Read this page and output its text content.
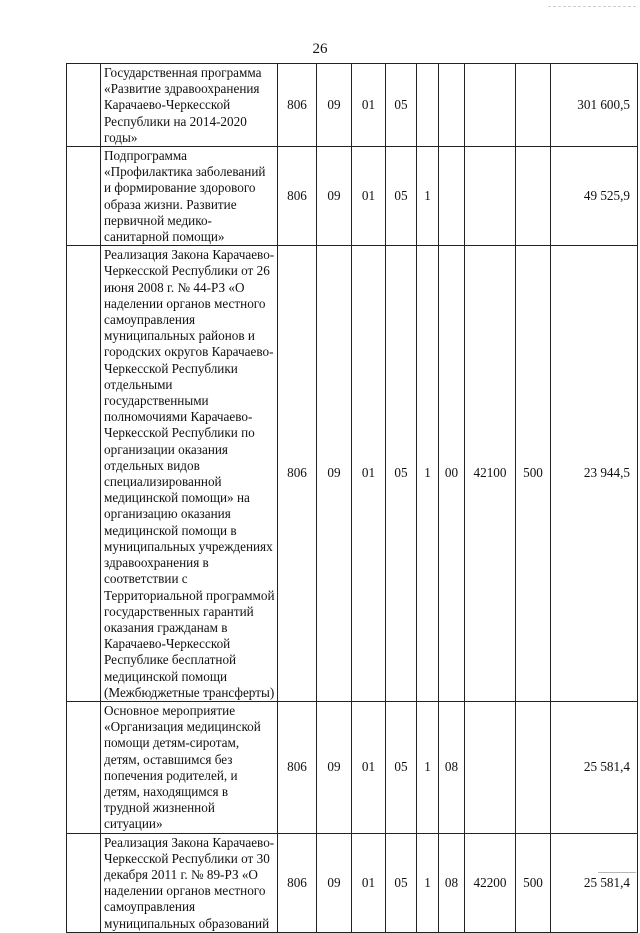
26
	Государственная программа «Развитие здравоохранения Карачаево-Черкесской Республики на 2014-2020 годы»	806	09	01	05					301 600,5
	Подпрограмма «Профилактика заболеваний и формирование здорового образа жизни. Развитие первичной медико-санитарной помощи»	806	09	01	05	1				49 525,9
	Реализация Закона Карачаево-Черкесской Республики от 26 июня 2008 г. № 44-РЗ «О наделении органов местного самоуправления муниципальных районов и городских округов Карачаево-Черкесской Республики отдельными государственными полномочиями Карачаево-Черкесской Республики по организации оказания отдельных видов специализированной медицинской помощи» на организацию оказания медицинской помощи в муниципальных учреждениях здравоохранения в соответствии с Территориальной программой государственных гарантий оказания гражданам в Карачаево-Черкесской Республике бесплатной медицинской помощи (Межбюджетные трансферты)	806	09	01	05	1	00	42100	500	23 944,5
	Основное мероприятие «Организация медицинской помощи детям-сиротам, детям, оставшимся без попечения родителей, и детям, находящимся в трудной жизненной ситуации»	806	09	01	05	1	08			25 581,4
	Реализация Закона Карачаево-Черкесской Республики от 30 декабря 2011 г. № 89-РЗ «О наделении органов местного самоуправления муниципальных образований	806	09	01	05	1	08	42200	500	25 581,4
